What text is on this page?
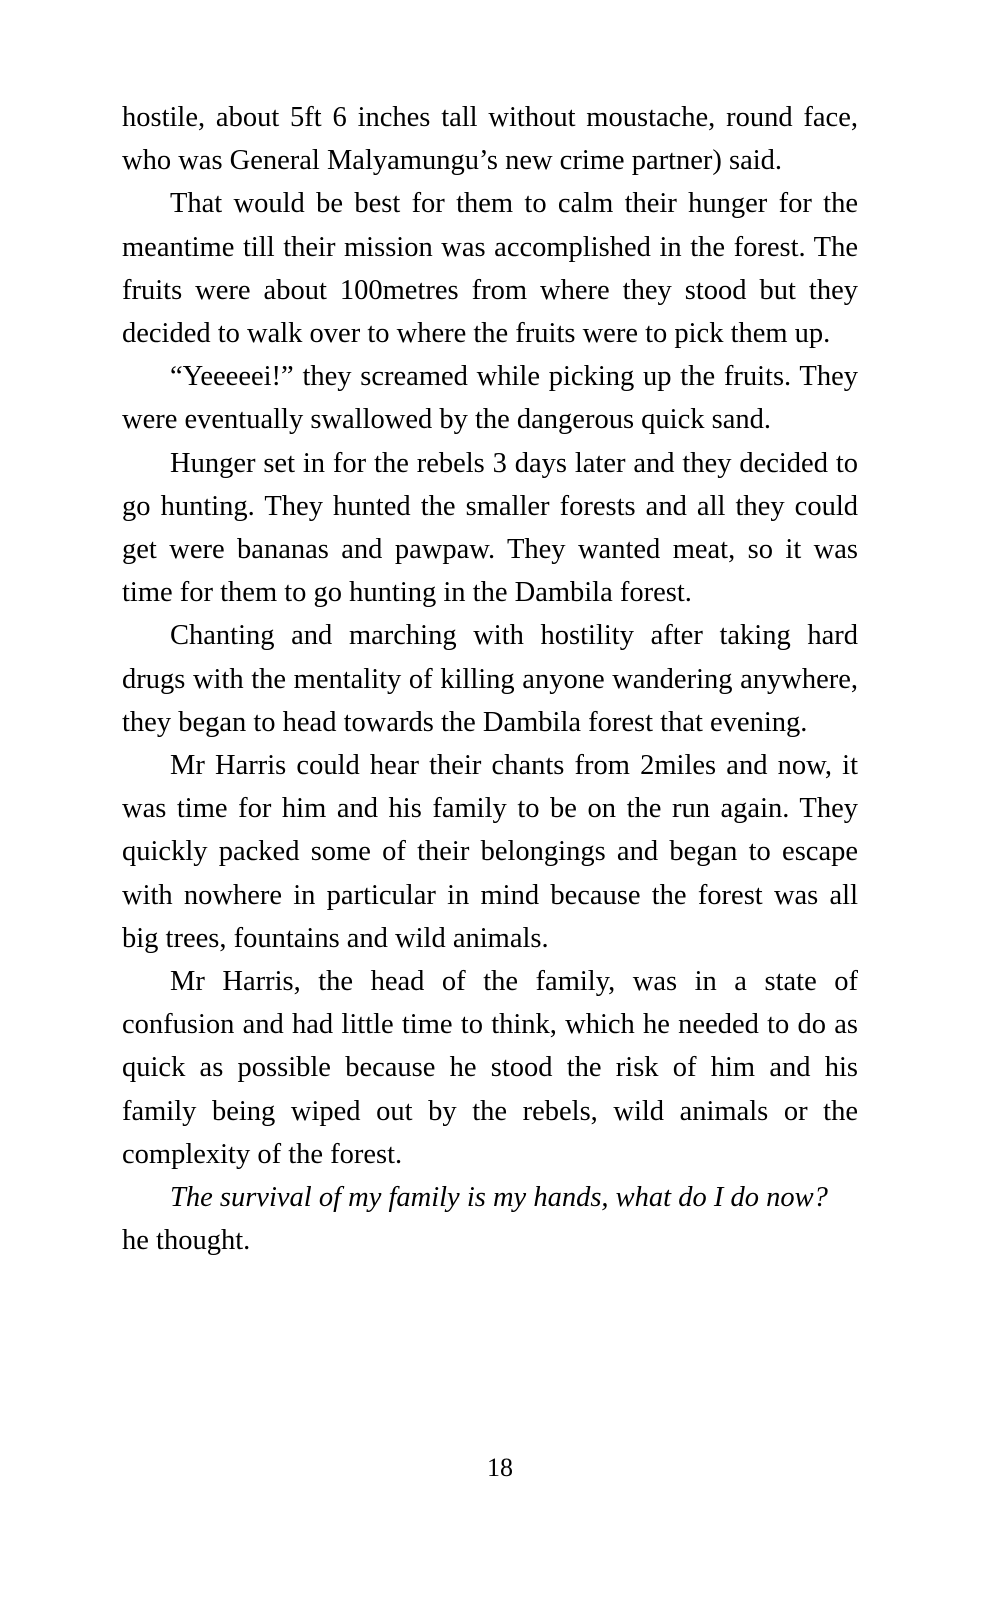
hostile, about 5ft 6 inches tall without moustache, round face, who was General Malyamungu’s new crime partner) said.

That would be best for them to calm their hunger for the meantime till their mission was accomplished in the forest. The fruits were about 100metres from where they stood but they decided to walk over to where the fruits were to pick them up.

“Yeeeeei!” they screamed while picking up the fruits. They were eventually swallowed by the dangerous quick sand.

Hunger set in for the rebels 3 days later and they decided to go hunting. They hunted the smaller forests and all they could get were bananas and pawpaw. They wanted meat, so it was time for them to go hunting in the Dambila forest.

Chanting and marching with hostility after taking hard drugs with the mentality of killing anyone wandering anywhere, they began to head towards the Dambila forest that evening.

Mr Harris could hear their chants from 2miles and now, it was time for him and his family to be on the run again. They quickly packed some of their belongings and began to escape with nowhere in particular in mind because the forest was all big trees, fountains and wild animals.

Mr Harris, the head of the family, was in a state of confusion and had little time to think, which he needed to do as quick as possible because he stood the risk of him and his family being wiped out by the rebels, wild animals or the complexity of the forest.

The survival of my family is my hands, what do I do now?

he thought.

18
